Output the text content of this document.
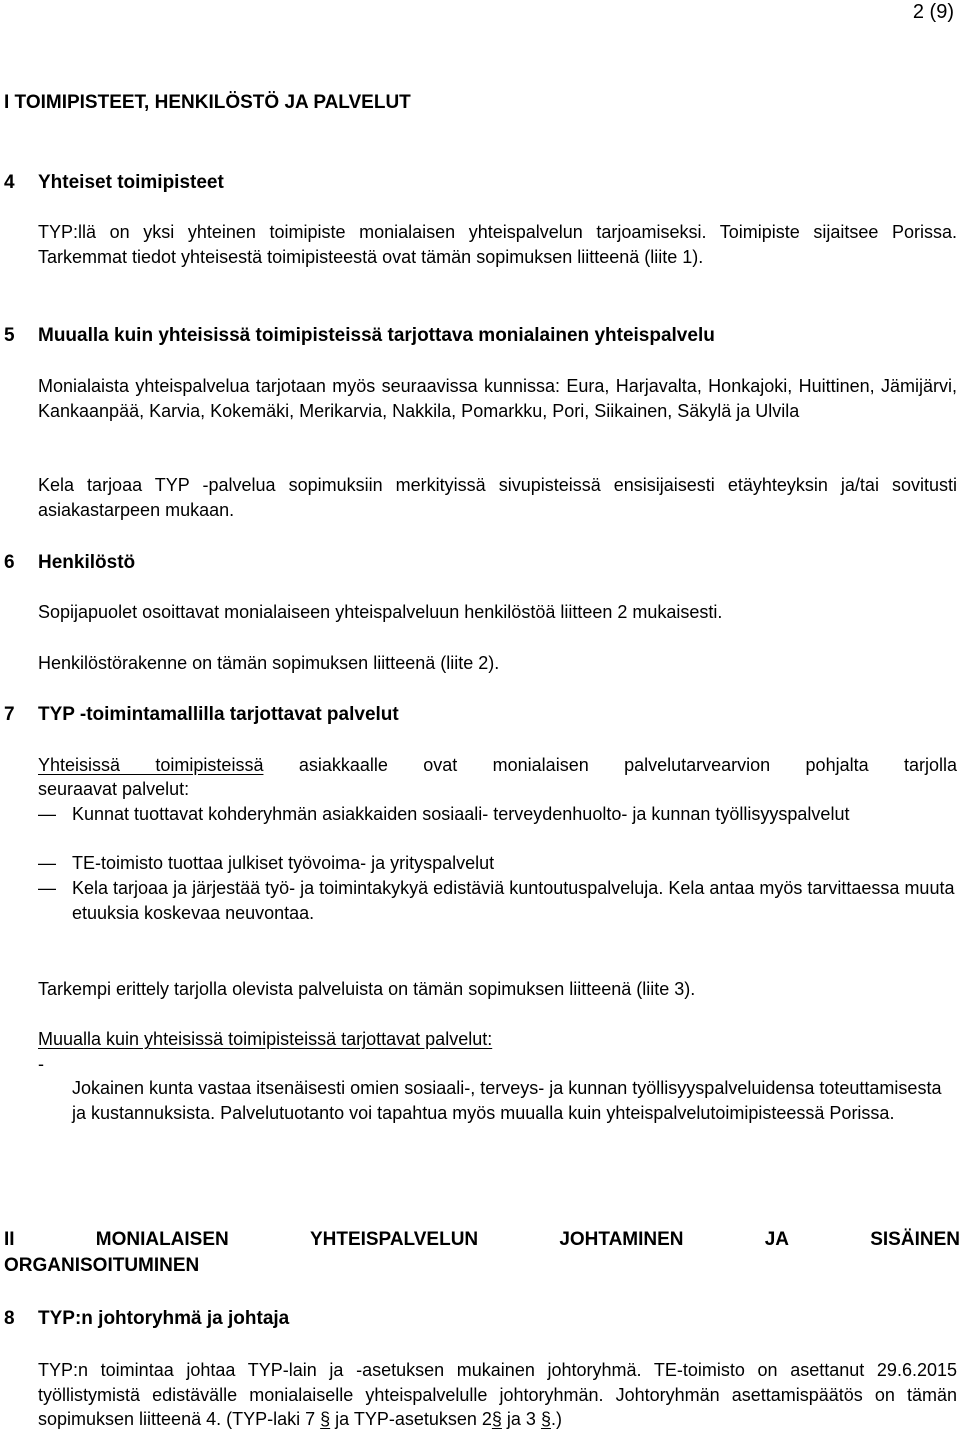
2 (9)
I TOIMIPISTEET, HENKILÖSTÖ JA PALVELUT
4 Yhteiset toimipisteet
TYP:llä on yksi yhteinen toimipiste monialaisen yhteispalvelun tarjoamiseksi. Toimipiste sijaitsee Porissa. Tarkemmat tiedot yhteisestä toimipisteestä ovat tämän sopimuksen liitteenä (liite 1).
5 Muualla kuin yhteisissä toimipisteissä tarjottava monialainen yhteispalvelu
Monialaista yhteispalvelua tarjotaan myös seuraavissa kunnissa: Eura, Harjavalta, Honkajoki, Huittinen, Jämijärvi, Kankaanpää, Karvia, Kokemäki, Merikarvia, Nakkila, Pomarkku, Pori, Siikainen, Säkylä ja Ulvila
Kela tarjoaa TYP -palvelua sopimuksiin merkityissä sivupisteissä ensisijaisesti etäyhteyksin ja/tai sovitusti asiakastarpeen mukaan.
6 Henkilöstö
Sopijapuolet osoittavat monialaiseen yhteispalveluun henkilöstöä liitteen 2 mukaisesti.
Henkilöstörakenne on tämän sopimuksen liitteenä (liite 2).
7 TYP -toimintamallilla tarjottavat palvelut
Yhteisissä toimipisteissä asiakkaalle ovat monialaisen palvelutarvearvion pohjalta tarjolla
seuraavat palvelut:
— Kunnat tuottavat kohderyhmän asiakkaiden sosiaali- terveydenhuolto- ja kunnan työllisyyspalvelut
— TE-toimisto tuottaa julkiset työvoima- ja yrityspalvelut
— Kela tarjoaa ja järjestää työ- ja toimintakykyä edistäviä kuntoutuspalveluja. Kela antaa myös tarvittaessa muuta etuuksia koskevaa neuvontaa.
Tarkempi erittely tarjolla olevista palveluista on tämän sopimuksen liitteenä (liite 3).
Muualla kuin yhteisissä toimipisteissä tarjottavat palvelut:
-
Jokainen kunta vastaa itsenäisesti omien sosiaali-, terveys- ja kunnan työllisyyspalveluidensa toteuttamisesta ja kustannuksista. Palvelutuotanto voi tapahtua myös muualla kuin yhteispalvelutoimipisteessä Porissa.
II	MONIALAISEN	YHTEISPALVELUN	JOHTAMINEN	JA	SISÄINEN
ORGANISOITUMINEN
8 TYP:n johtoryhmä ja johtaja
TYP:n toimintaa johtaa TYP-lain ja -asetuksen mukainen johtoryhmä. TE-toimisto on asettanut 29.6.2015 työllistymistä edistävälle monialaiselle yhteispalvelulle johtoryhmän. Johtoryhmän asettamispäätös on tämän sopimuksen liitteenä 4. (TYP-laki 7 § ja TYP-asetuksen 2§ ja 3 §.)
